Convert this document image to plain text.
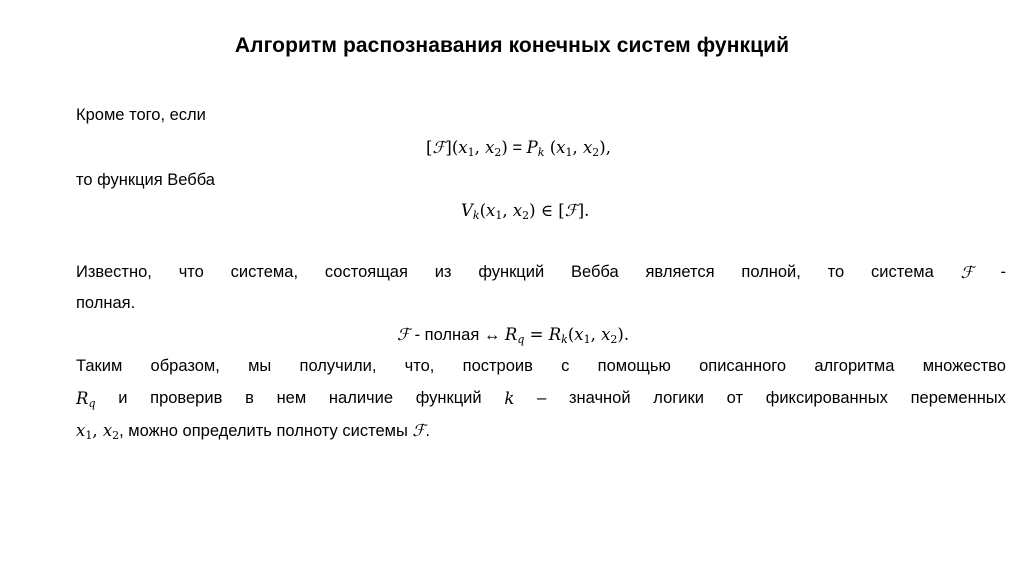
Алгоритм распознавания конечных систем функций
Кроме того, если
$[ℱ](x_1$, $x_2) = P_k$ ($x_1$, $x_2$),
то функция Вебба
$V_k(x_1$, $x_2$) ∈ [ℱ].
Известно, что система, состоящая из функций Вебба является полной, то система ℱ -
полная.
ℱ - полная ↔ $R_q = R_k(x_1$, $x_2$).
Таким образом, мы получили, что, построив с помощью описанного алгоритма множество
$R_q$ и проверив в нем наличие функций k – значной логики от фиксированных переменных
$x_1$, $x_2$, можно определить полноту системы ℱ.
